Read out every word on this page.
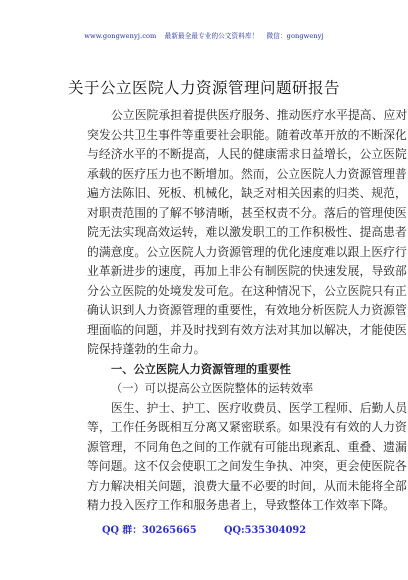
www.gongwenyj.com 最新最全最专业的公文资料库！ 微信：gongwenyj
关于公立医院人力资源管理问题研报告
公立医院承担着提供医疗服务、推动医疗水平提高、应对
突发公共卫生事件等重要社会职能。随着改革开放的不断深化
与经济水平的不断提高，人民的健康需求日益增长，公立医院
承载的医疗压力也不断增加。然而，公立医院人力资源管理普
遍方法陈旧、死板、机械化，缺乏对相关因素的归类、规范，
对职责范围的了解不够清晰，甚至权责不分。落后的管理使医
院无法实现高效运转，难以激发职工的工作积极性、提高患者
的满意度。公立医院人力资源管理的优化速度难以跟上医疗行
业革新进步的速度，再加上非公有制医院的快速发展，导致部
分公立医院的处境发发可危。在这种情况下，公立医院只有正
确认识到人力资源管理的重要性，有效地分析医院人力资源管
理面临的问题，并及时找到有效方法对其加以解决，才能使医
院保持蓬勃的生命力。
一、公立医院人力资源管理的重要性
（一）可以提高公立医院整体的运转效率
医生、护士、护工、医疗收费员、医学工程师、后勤人员
等，工作任务既相互分离又紧密联系。如果没有有效的人力资
源管理，不同角色之间的工作就有可能出现紊乱、重叠、遗漏
等问题。这不仅会使职工之间发生争执、冲突，更会使医院各
方力解决相关问题，浪费大量不必要的时间，从而未能将全部
精力投入医疗工作和服务患者上，导致整体工作效率下降。
QQ 群：30265665	QQ:535304092
